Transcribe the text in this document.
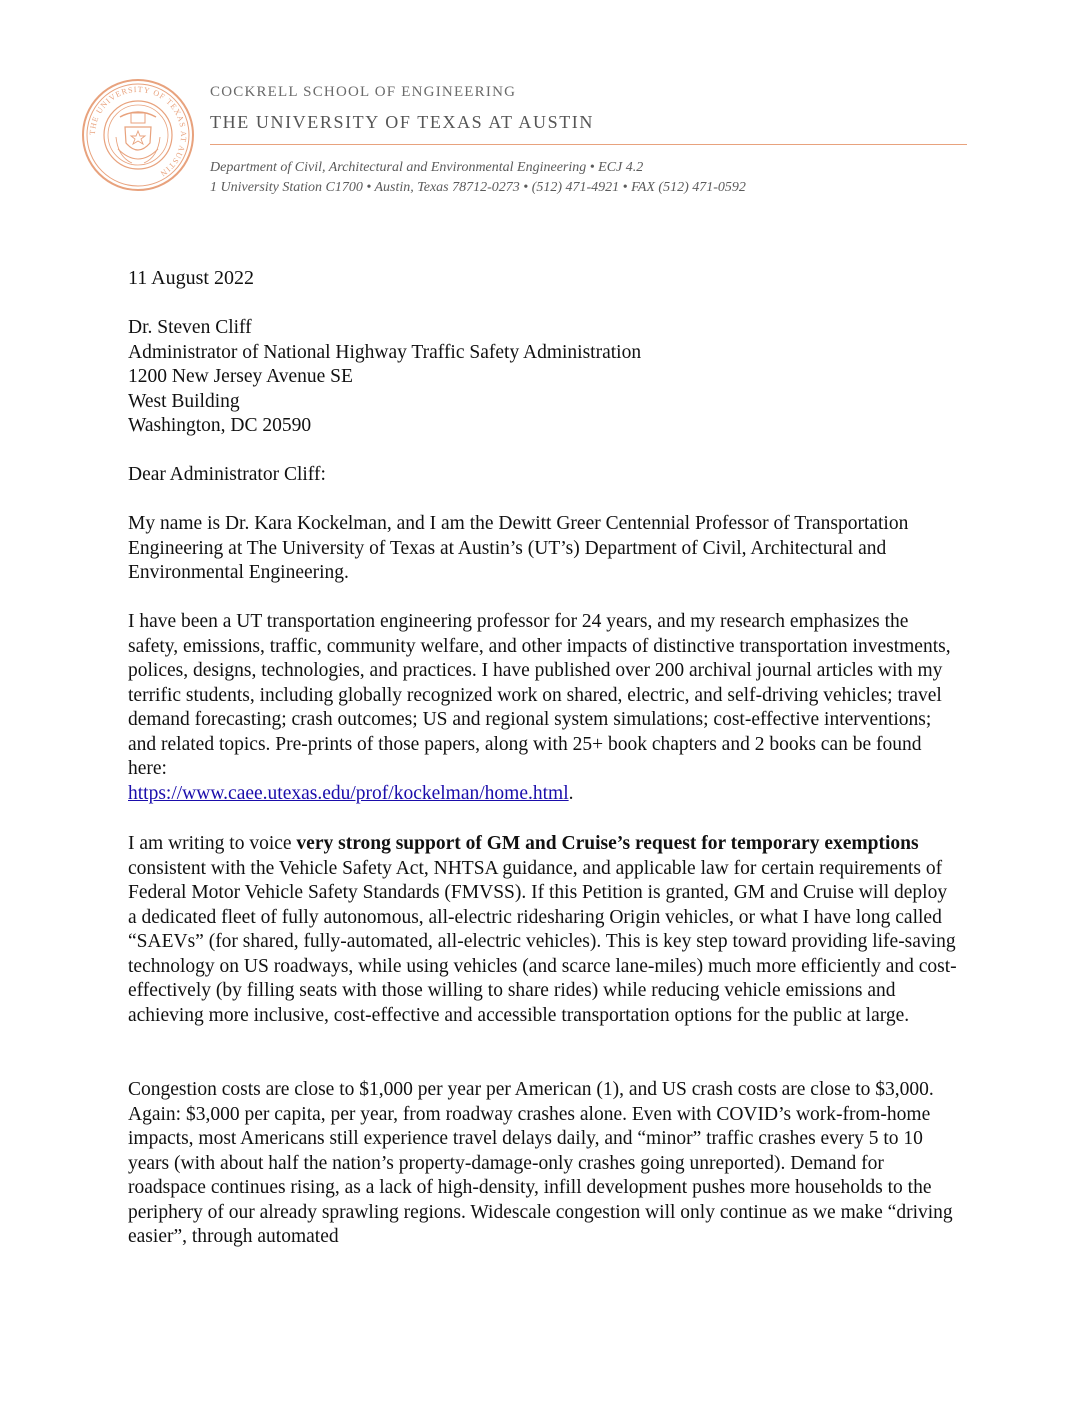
THE UNIVERSITY OF TEXAS AT AUSTIN
COCKRELL SCHOOL OF ENGINEERING
THE UNIVERSITY OF TEXAS AT AUSTIN
Department of Civil, Architectural and Environmental Engineering • ECJ 4.2
1 University Station C1700 • Austin, Texas 78712-0273 • (512) 471-4921 • FAX (512) 471-0592
11 August 2022
Dr. Steven Cliff
Administrator of National Highway Traffic Safety Administration
1200 New Jersey Avenue SE
West Building
Washington, DC 20590
Dear Administrator Cliff:

My name is Dr. Kara Kockelman, and I am the Dewitt Greer Centennial Professor of Transportation Engineering at The University of Texas at Austin’s (UT’s) Department of Civil, Architectural and Environmental Engineering.

I have been a UT transportation engineering professor for 24 years, and my research emphasizes the safety, emissions, traffic, community welfare, and other impacts of distinctive transportation investments, polices, designs, technologies, and practices. I have published over 200 archival journal articles with my terrific students, including globally recognized work on shared, electric, and self-driving vehicles; travel demand forecasting; crash outcomes; US and regional system simulations; cost-effective interventions; and related topics. Pre-prints of those papers, along with 25+ book chapters and 2 books can be found here:
https://www.caee.utexas.edu/prof/kockelman/home.html.

I am writing to voice very strong support of GM and Cruise’s request for temporary exemptions consistent with the Vehicle Safety Act, NHTSA guidance, and applicable law for certain requirements of Federal Motor Vehicle Safety Standards (FMVSS). If this Petition is granted, GM and Cruise will deploy a dedicated fleet of fully autonomous, all-electric ridesharing Origin vehicles, or what I have long called “SAEVs” (for shared, fully-automated, all-electric vehicles). This is key step toward providing life-saving technology on US roadways, while using vehicles (and scarce lane-miles) much more efficiently and cost-effectively (by filling seats with those willing to share rides) while reducing vehicle emissions and achieving more inclusive, cost-effective and accessible transportation options for the public at large.

Congestion costs are close to $1,000 per year per American (1), and US crash costs are close to $3,000. Again: $3,000 per capita, per year, from roadway crashes alone. Even with COVID’s work-from-home impacts, most Americans still experience travel delays daily, and “minor” traffic crashes every 5 to 10 years (with about half the nation’s property-damage-only crashes going unreported). Demand for roadspace continues rising, as a lack of high-density, infill development pushes more households to the periphery of our already sprawling regions. Widescale congestion will only continue as we make “driving easier”, through automated
